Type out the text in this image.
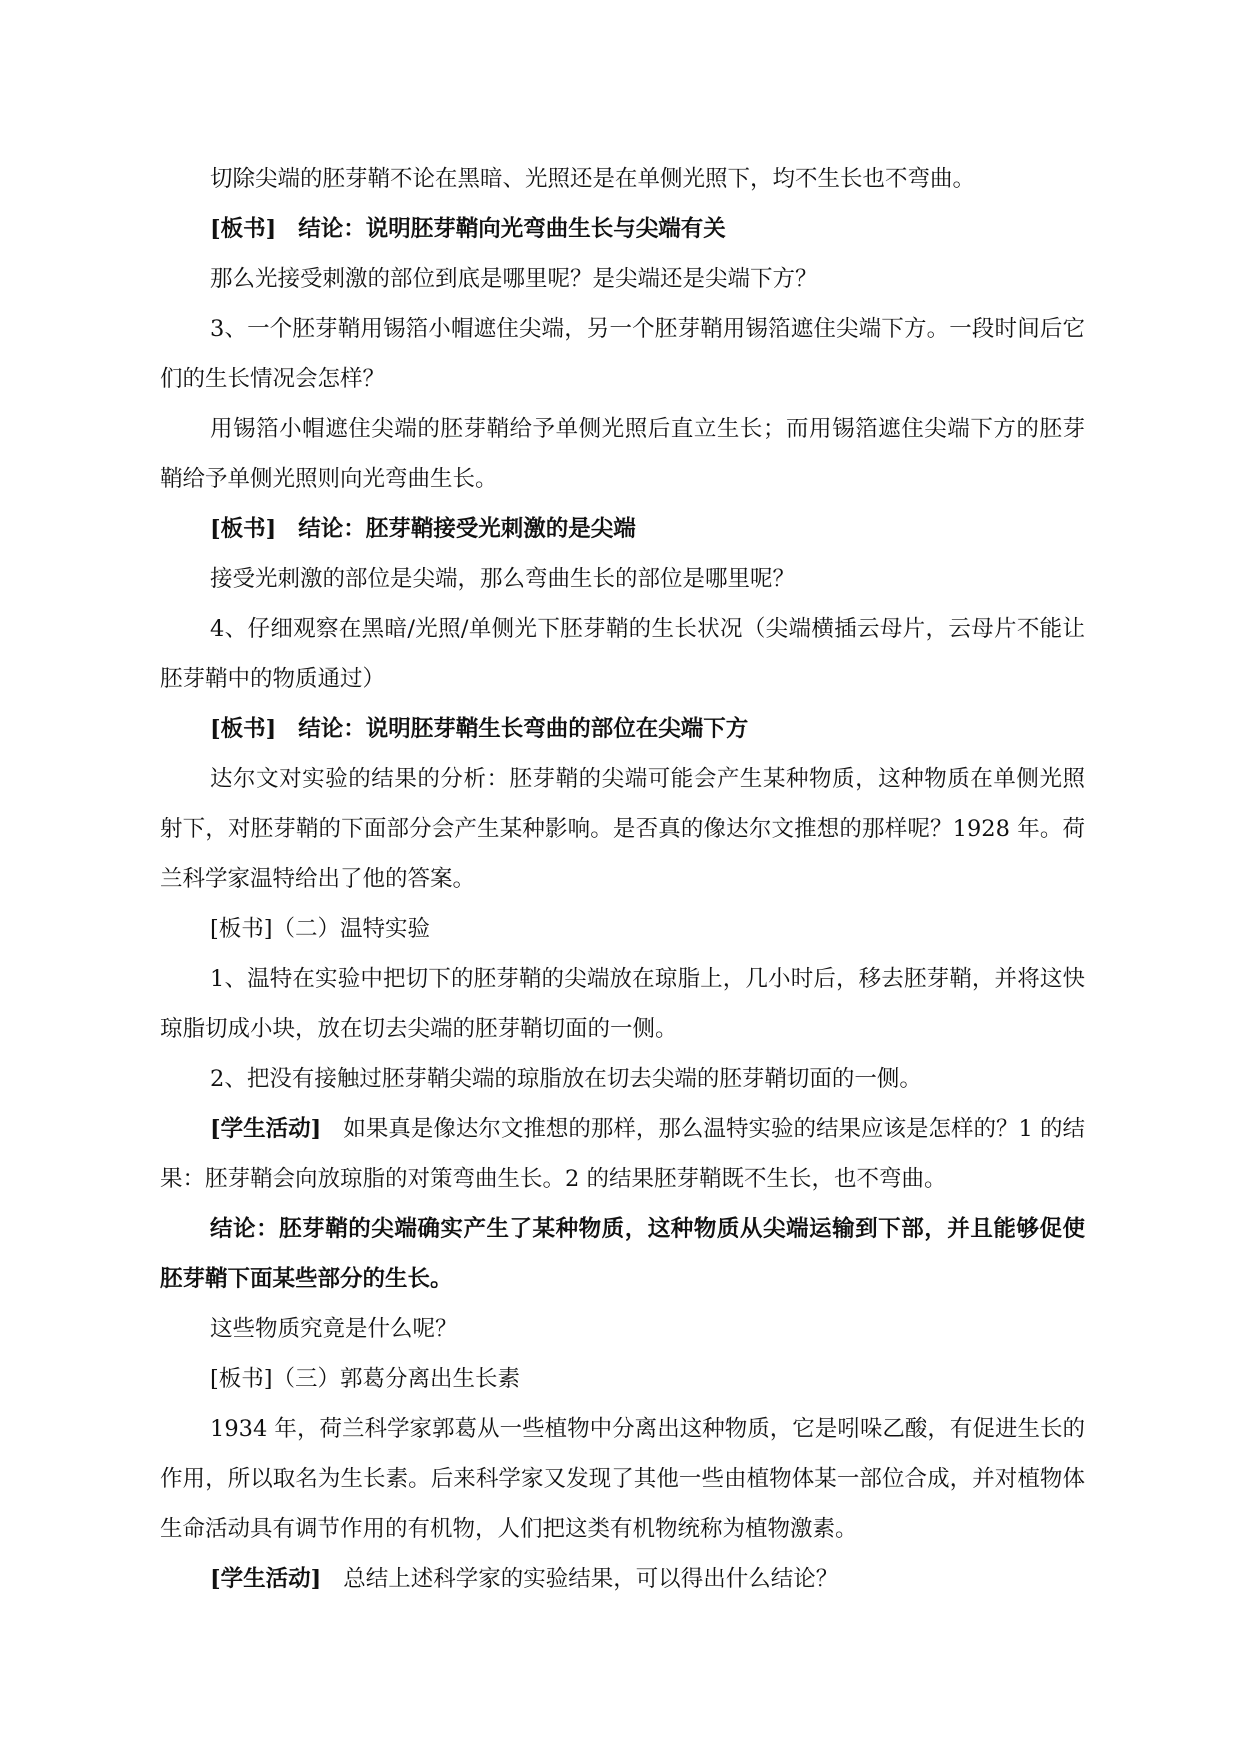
切除尖端的胚芽鞘不论在黑暗、光照还是在单侧光照下，均不生长也不弯曲。

[板书] 结论：说明胚芽鞘向光弯曲生长与尖端有关

那么光接受刺激的部位到底是哪里呢？是尖端还是尖端下方？

3、一个胚芽鞘用锡箔小帽遮住尖端，另一个胚芽鞘用锡箔遮住尖端下方。一段时间后它们的生长情况会怎样？

用锡箔小帽遮住尖端的胚芽鞘给予单侧光照后直立生长；而用锡箔遮住尖端下方的胚芽鞘给予单侧光照则向光弯曲生长。

[板书] 结论：胚芽鞘接受光刺激的是尖端

接受光刺激的部位是尖端，那么弯曲生长的部位是哪里呢？

4、仔细观察在黑暗/光照/单侧光下胚芽鞘的生长状况（尖端横插云母片，云母片不能让胚芽鞘中的物质通过）

[板书] 结论：说明胚芽鞘生长弯曲的部位在尖端下方

达尔文对实验的结果的分析：胚芽鞘的尖端可能会产生某种物质，这种物质在单侧光照射下，对胚芽鞘的下面部分会产生某种影响。是否真的像达尔文推想的那样呢？1928 年。荷兰科学家温特给出了他的答案。

[板书]（二）温特实验

1、温特在实验中把切下的胚芽鞘的尖端放在琼脂上，几小时后，移去胚芽鞘，并将这快琼脂切成小块，放在切去尖端的胚芽鞘切面的一侧。

2、把没有接触过胚芽鞘尖端的琼脂放在切去尖端的胚芽鞘切面的一侧。

[学生活动] 如果真是像达尔文推想的那样，那么温特实验的结果应该是怎样的？1 的结果：胚芽鞘会向放琼脂的对策弯曲生长。2 的结果胚芽鞘既不生长，也不弯曲。

结论：胚芽鞘的尖端确实产生了某种物质，这种物质从尖端运输到下部，并且能够促使胚芽鞘下面某些部分的生长。

这些物质究竟是什么呢？

[板书]（三）郭葛分离出生长素

1934 年，荷兰科学家郭葛从一些植物中分离出这种物质，它是吲哚乙酸，有促进生长的作用，所以取名为生长素。后来科学家又发现了其他一些由植物体某一部位合成，并对植物体生命活动具有调节作用的有机物，人们把这类有机物统称为植物激素。

[学生活动] 总结上述科学家的实验结果，可以得出什么结论？
